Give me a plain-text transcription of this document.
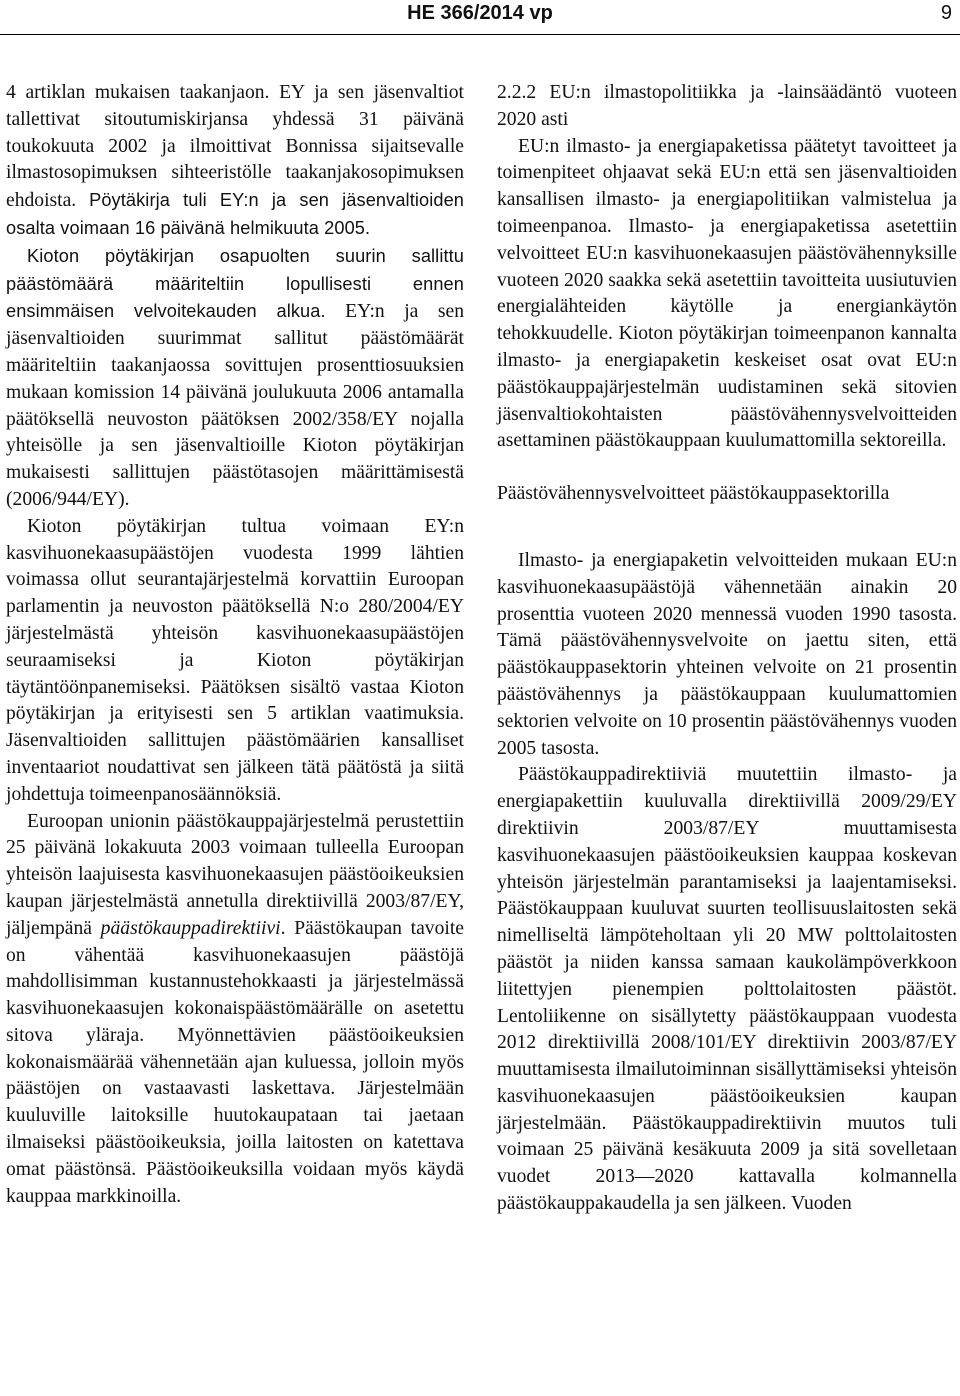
HE 366/2014 vp	9

4 artiklan mukaisen taakanjaon. EY ja sen jäsenvaltiot tallettivat sitoutumiskirjansa yhdessä 31 päivänä toukokuuta 2002 ja ilmoittivat Bonnissa sijaitsevalle ilmastosopimuksen sihteeristölle taakanjakosopimuksen ehdoista. Pöytäkirja tuli EY:n ja sen jäsenvaltioiden osalta voimaan 16 päivänä helmikuuta 2005.

Kioton pöytäkirjan osapuolten suurin sallittu päästömäärä määriteltiin lopullisesti ennen ensimmäisen velvoitekauden alkua. EY:n ja sen jäsenvaltioiden suurimmat sallitut päästömäärät määriteltiin taakanjaossa sovittujen prosenttiosuuksien mukaan komission 14 päivänä joulukuuta 2006 antamalla päätöksellä neuvoston päätöksen 2002/358/EY nojalla yhteisölle ja sen jäsenvaltioille Kioton pöytäkirjan mukaisesti sallittujen päästötasojen määrittämisestä (2006/944/EY).

Kioton pöytäkirjan tultua voimaan EY:n kasvihuonekaasupäästöjen vuodesta 1999 lähtien voimassa ollut seurantajärjestelmä korvattiin Euroopan parlamentin ja neuvoston päätöksellä N:o 280/2004/EY järjestelmästä yhteisön kasvihuonekaasupäästöjen seuraamiseksi ja Kioton pöytäkirjan täytäntöönpanemiseksi. Päätöksen sisältö vastaa Kioton pöytäkirjan ja erityisesti sen 5 artiklan vaatimuksia. Jäsenvaltioiden sallittujen päästömäärien kansalliset inventaariot noudattivat sen jälkeen tätä päätöstä ja siitä johdettuja toimeenpanosäännöksiä.

Euroopan unionin päästökauppajärjestelmä perustettiin 25 päivänä lokakuuta 2003 voimaan tulleella Euroopan yhteisön laajuisesta kasvihuonekaasujen päästöoikeuksien kaupan järjestelmästä annetulla direktiivillä 2003/87/EY, jäljempänä päästökauppadirektiivi. Päästökaupan tavoite on vähentää kasvihuonekaasujen päästöjä mahdollisimman kustannustehokkaasti ja järjestelmässä kasvihuonekaasujen kokonaispäästömäärälle on asetettu sitova yläraja. Myönnettävien päästöoikeuksien kokonaismäärää vähennetään ajan kuluessa, jolloin myös päästöjen on vastaavasti laskettava. Järjestelmään kuuluville laitoksille huutokaupataan tai jaetaan ilmaiseksi päästöoikeuksia, joilla laitosten on katettava omat päästönsä. Päästöoikeuksilla voidaan myös käydä kauppaa markkinoilla.

2.2.2 EU:n ilmastopolitiikka ja -lainsäädäntö vuoteen 2020 asti

EU:n ilmasto- ja energiapaketissa päätetyt tavoitteet ja toimenpiteet ohjaavat sekä EU:n että sen jäsenvaltioiden kansallisen ilmasto- ja energiapolitiikan valmistelua ja toimeenpanoa. Ilmasto- ja energiapaketissa asetettiin velvoitteet EU:n kasvihuonekaasujen päästövähennyksille vuoteen 2020 saakka sekä asetettiin tavoitteita uusiutuvien energialähteiden käytölle ja energiankäytön tehokkuudelle. Kioton pöytäkirjan toimeenpanon kannalta ilmasto- ja energiapaketin keskeiset osat ovat EU:n päästökauppajärjestelmän uudistaminen sekä sitovien jäsenvaltiokohtaisten päästövähennysvelvoitteiden asettaminen päästökauppaan kuulumattomilla sektoreilla.

Päästövähennysvelvoitteet päästökauppasektorilla

Ilmasto- ja energiapaketin velvoitteiden mukaan EU:n kasvihuonekaasupäästöjä vähennetään ainakin 20 prosenttia vuoteen 2020 mennessä vuoden 1990 tasosta. Tämä päästövähennysvelvoite on jaettu siten, että päästökauppasektorin yhteinen velvoite on 21 prosentin päästövähennys ja päästökauppaan kuulumattomien sektorien velvoite on 10 prosentin päästövähennys vuoden 2005 tasosta.

Päästökauppadirektiiviä muutettiin ilmasto- ja energiapakettiin kuuluvalla direktiivillä 2009/29/EY direktiivin 2003/87/EY muuttamisesta kasvihuonekaasujen päästöoikeuksien kauppaa koskevan yhteisön järjestelmän parantamiseksi ja laajentamiseksi. Päästökauppaan kuuluvat suurten teollisuuslaitosten sekä nimelliseltä lämpöteholtaan yli 20 MW polttolaitosten päästöt ja niiden kanssa samaan kaukolämpöverkkoon liitettyjen pienempien polttolaitosten päästöt. Lentoliikenne on sisällytetty päästökauppaan vuodesta 2012 direktiivillä 2008/101/EY direktiivin 2003/87/EY muuttamisesta ilmailutoiminnan sisällyttämiseksi yhteisön kasvihuonekaasujen päästöoikeuksien kaupan järjestelmään. Päästökauppadirektiivin muutos tuli voimaan 25 päivänä kesäkuuta 2009 ja sitä sovelletaan vuodet 2013—2020 kattavalla kolmannella päästökauppakaudella ja sen jälkeen. Vuoden
